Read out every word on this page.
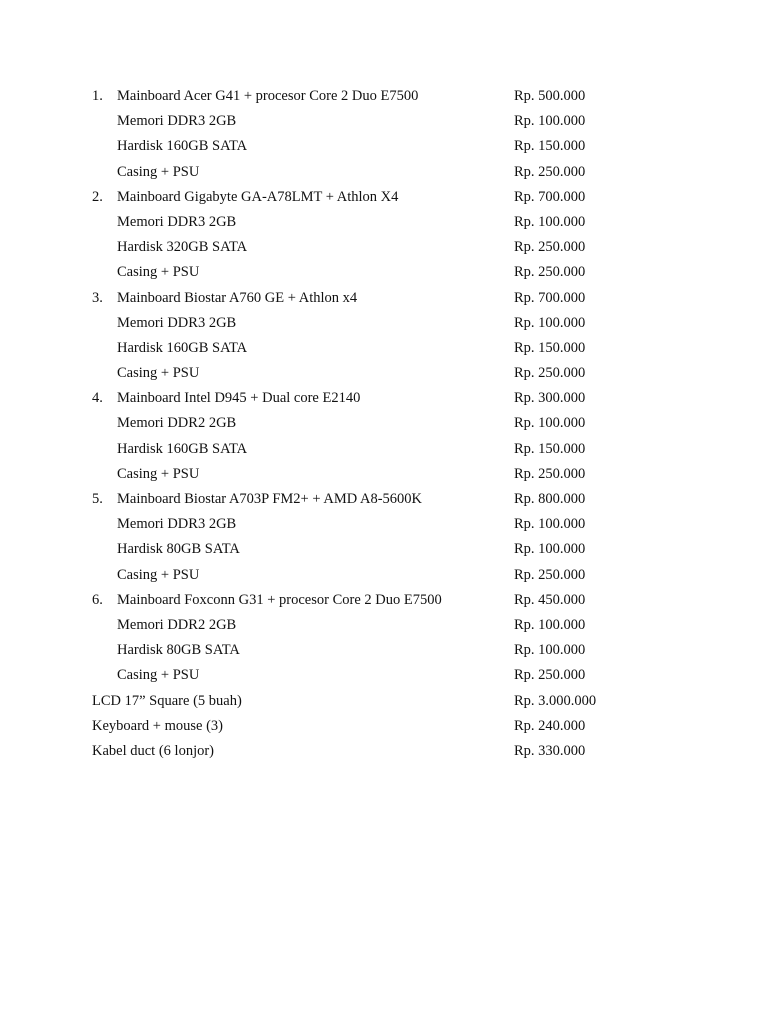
1. Mainboard Acer G41 + procesor Core 2 Duo E7500	Rp. 500.000
Memori DDR3 2GB	Rp. 100.000
Hardisk 160GB SATA	Rp. 150.000
Casing + PSU	Rp. 250.000
2. Mainboard Gigabyte GA-A78LMT + Athlon X4	Rp. 700.000
Memori DDR3 2GB	Rp. 100.000
Hardisk 320GB SATA	Rp. 250.000
Casing + PSU	Rp. 250.000
3. Mainboard Biostar A760 GE + Athlon x4	Rp. 700.000
Memori DDR3 2GB	Rp. 100.000
Hardisk 160GB SATA	Rp. 150.000
Casing + PSU	Rp. 250.000
4. Mainboard Intel D945 + Dual core E2140	Rp. 300.000
Memori DDR2 2GB	Rp. 100.000
Hardisk 160GB SATA	Rp. 150.000
Casing + PSU	Rp. 250.000
5. Mainboard Biostar A703P FM2+ + AMD A8-5600K	Rp. 800.000
Memori DDR3 2GB	Rp. 100.000
Hardisk 80GB SATA	Rp. 100.000
Casing + PSU	Rp. 250.000
6. Mainboard Foxconn G31 + procesor Core 2 Duo E7500	Rp. 450.000
Memori DDR2 2GB	Rp. 100.000
Hardisk 80GB SATA	Rp. 100.000
Casing + PSU	Rp. 250.000
LCD 17” Square (5 buah)	Rp. 3.000.000
Keyboard + mouse (3)	Rp. 240.000
Kabel duct (6 lonjor)	Rp. 330.000
